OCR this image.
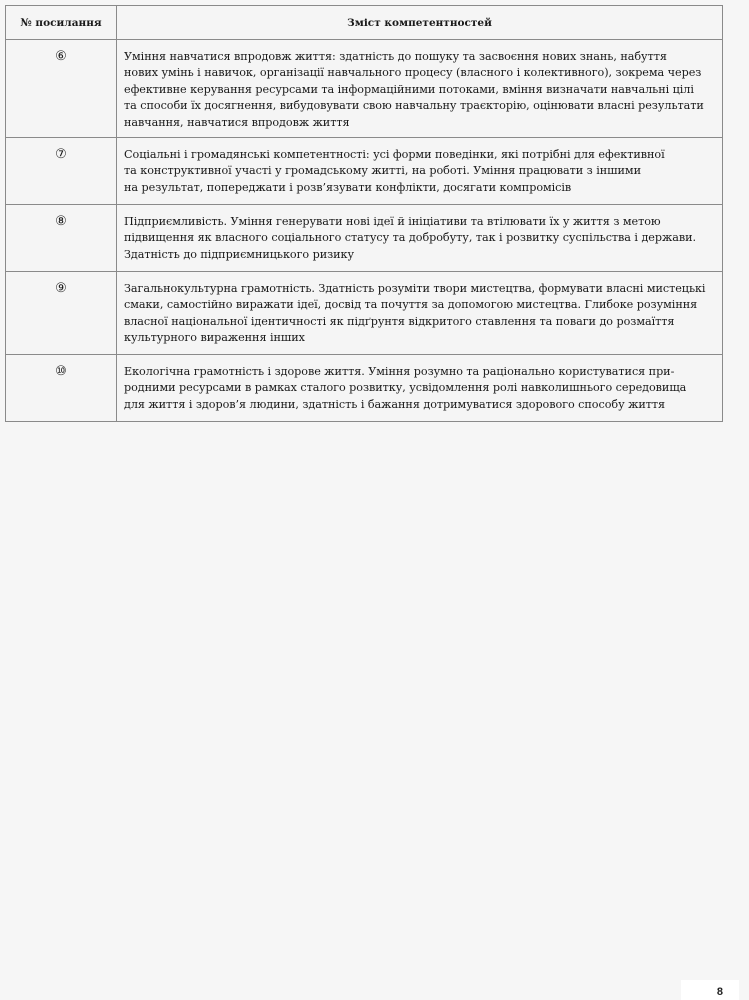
№ посилання	Зміст компетентностей
⑥	Уміння навчатися впродовж життя: здатність до пошуку та засвоєння нових знань, набуття
нових умінь і навичок, організації навчального процесу (власного і колективного), зокрема через
ефективне керування ресурсами та інформаційними потоками, вміння визначати навчальні цілі
та способи їх досягнення, вибудовувати свою навчальну траєкторію, оцінювати власні результати
навчання, навчатися впродовж життя

⑦	Соціальні і громадянські компетентності: усі форми поведінки, які потрібні для ефективної
та конструктивної участі у громадському житті, на роботі. Уміння працювати з іншими
на результат, попереджати і розв’язувати конфлікти, досягати компромісів

⑧	Підприємливість. Уміння генерувати нові ідеї й ініціативи та втілювати їх у життя з метою
підвищення як власного соціального статусу та добробуту, так і розвитку суспільства і держави.
Здатність до підприємницького ризику

⑨	Загальнокультурна грамотність. Здатність розуміти твори мистецтва, формувати власні мистецькі
смаки, самостійно виражати ідеї, досвід та почуття за допомогою мистецтва. Глибоке розуміння
власної національної ідентичності як підґрунтя відкритого ставлення та поваги до розмаїття
культурного вираження інших

⑩	Екологічна грамотність і здорове життя. Уміння розумно та раціонально користуватися при-
родними ресурсами в рамках сталого розвитку, усвідомлення ролі навколишнього середовища
для життя і здоров’я людини, здатність і бажання дотримуватися здорового способу життя
8
